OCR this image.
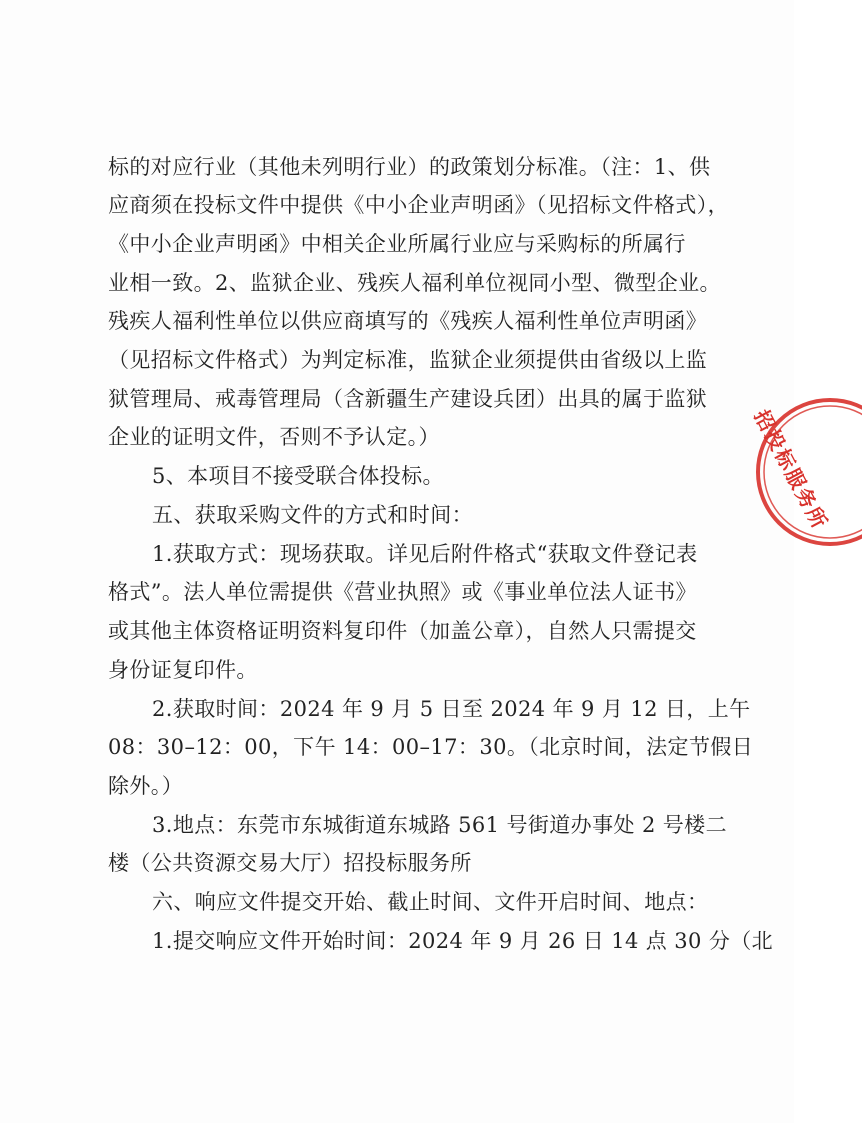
标的对应行业（其他未列明行业）的政策划分标准。（注：1、供
应商须在投标文件中提供《中小企业声明函》（见招标文件格式），
《中小企业声明函》中相关企业所属行业应与采购标的所属行
业相一致。2、监狱企业、残疾人福利单位视同小型、微型企业。
残疾人福利性单位以供应商填写的《残疾人福利性单位声明函》
（见招标文件格式）为判定标准，监狱企业须提供由省级以上监
狱管理局、戒毒管理局（含新疆生产建设兵团）出具的属于监狱
企业的证明文件，否则不予认定。）
5、本项目不接受联合体投标。
五、获取采购文件的方式和时间：
1.获取方式：现场获取。详见后附件格式“获取文件登记表
格式”。法人单位需提供《营业执照》或《事业单位法人证书》
或其他主体资格证明资料复印件（加盖公章），自然人只需提交
身份证复印件。
2.获取时间：2024 年 9 月 5 日至 2024 年 9 月 12 日，上午
08：30–12：00，下午 14：00–17：30。（北京时间，法定节假日
除外。）
3.地点：东莞市东城街道东城路 561 号街道办事处 2 号楼二
楼（公共资源交易大厅）招投标服务所
六、响应文件提交开始、截止时间、文件开启时间、地点：
1.提交响应文件开始时间：2024 年 9 月 26 日 14 点 30 分（北
招投标服务所
